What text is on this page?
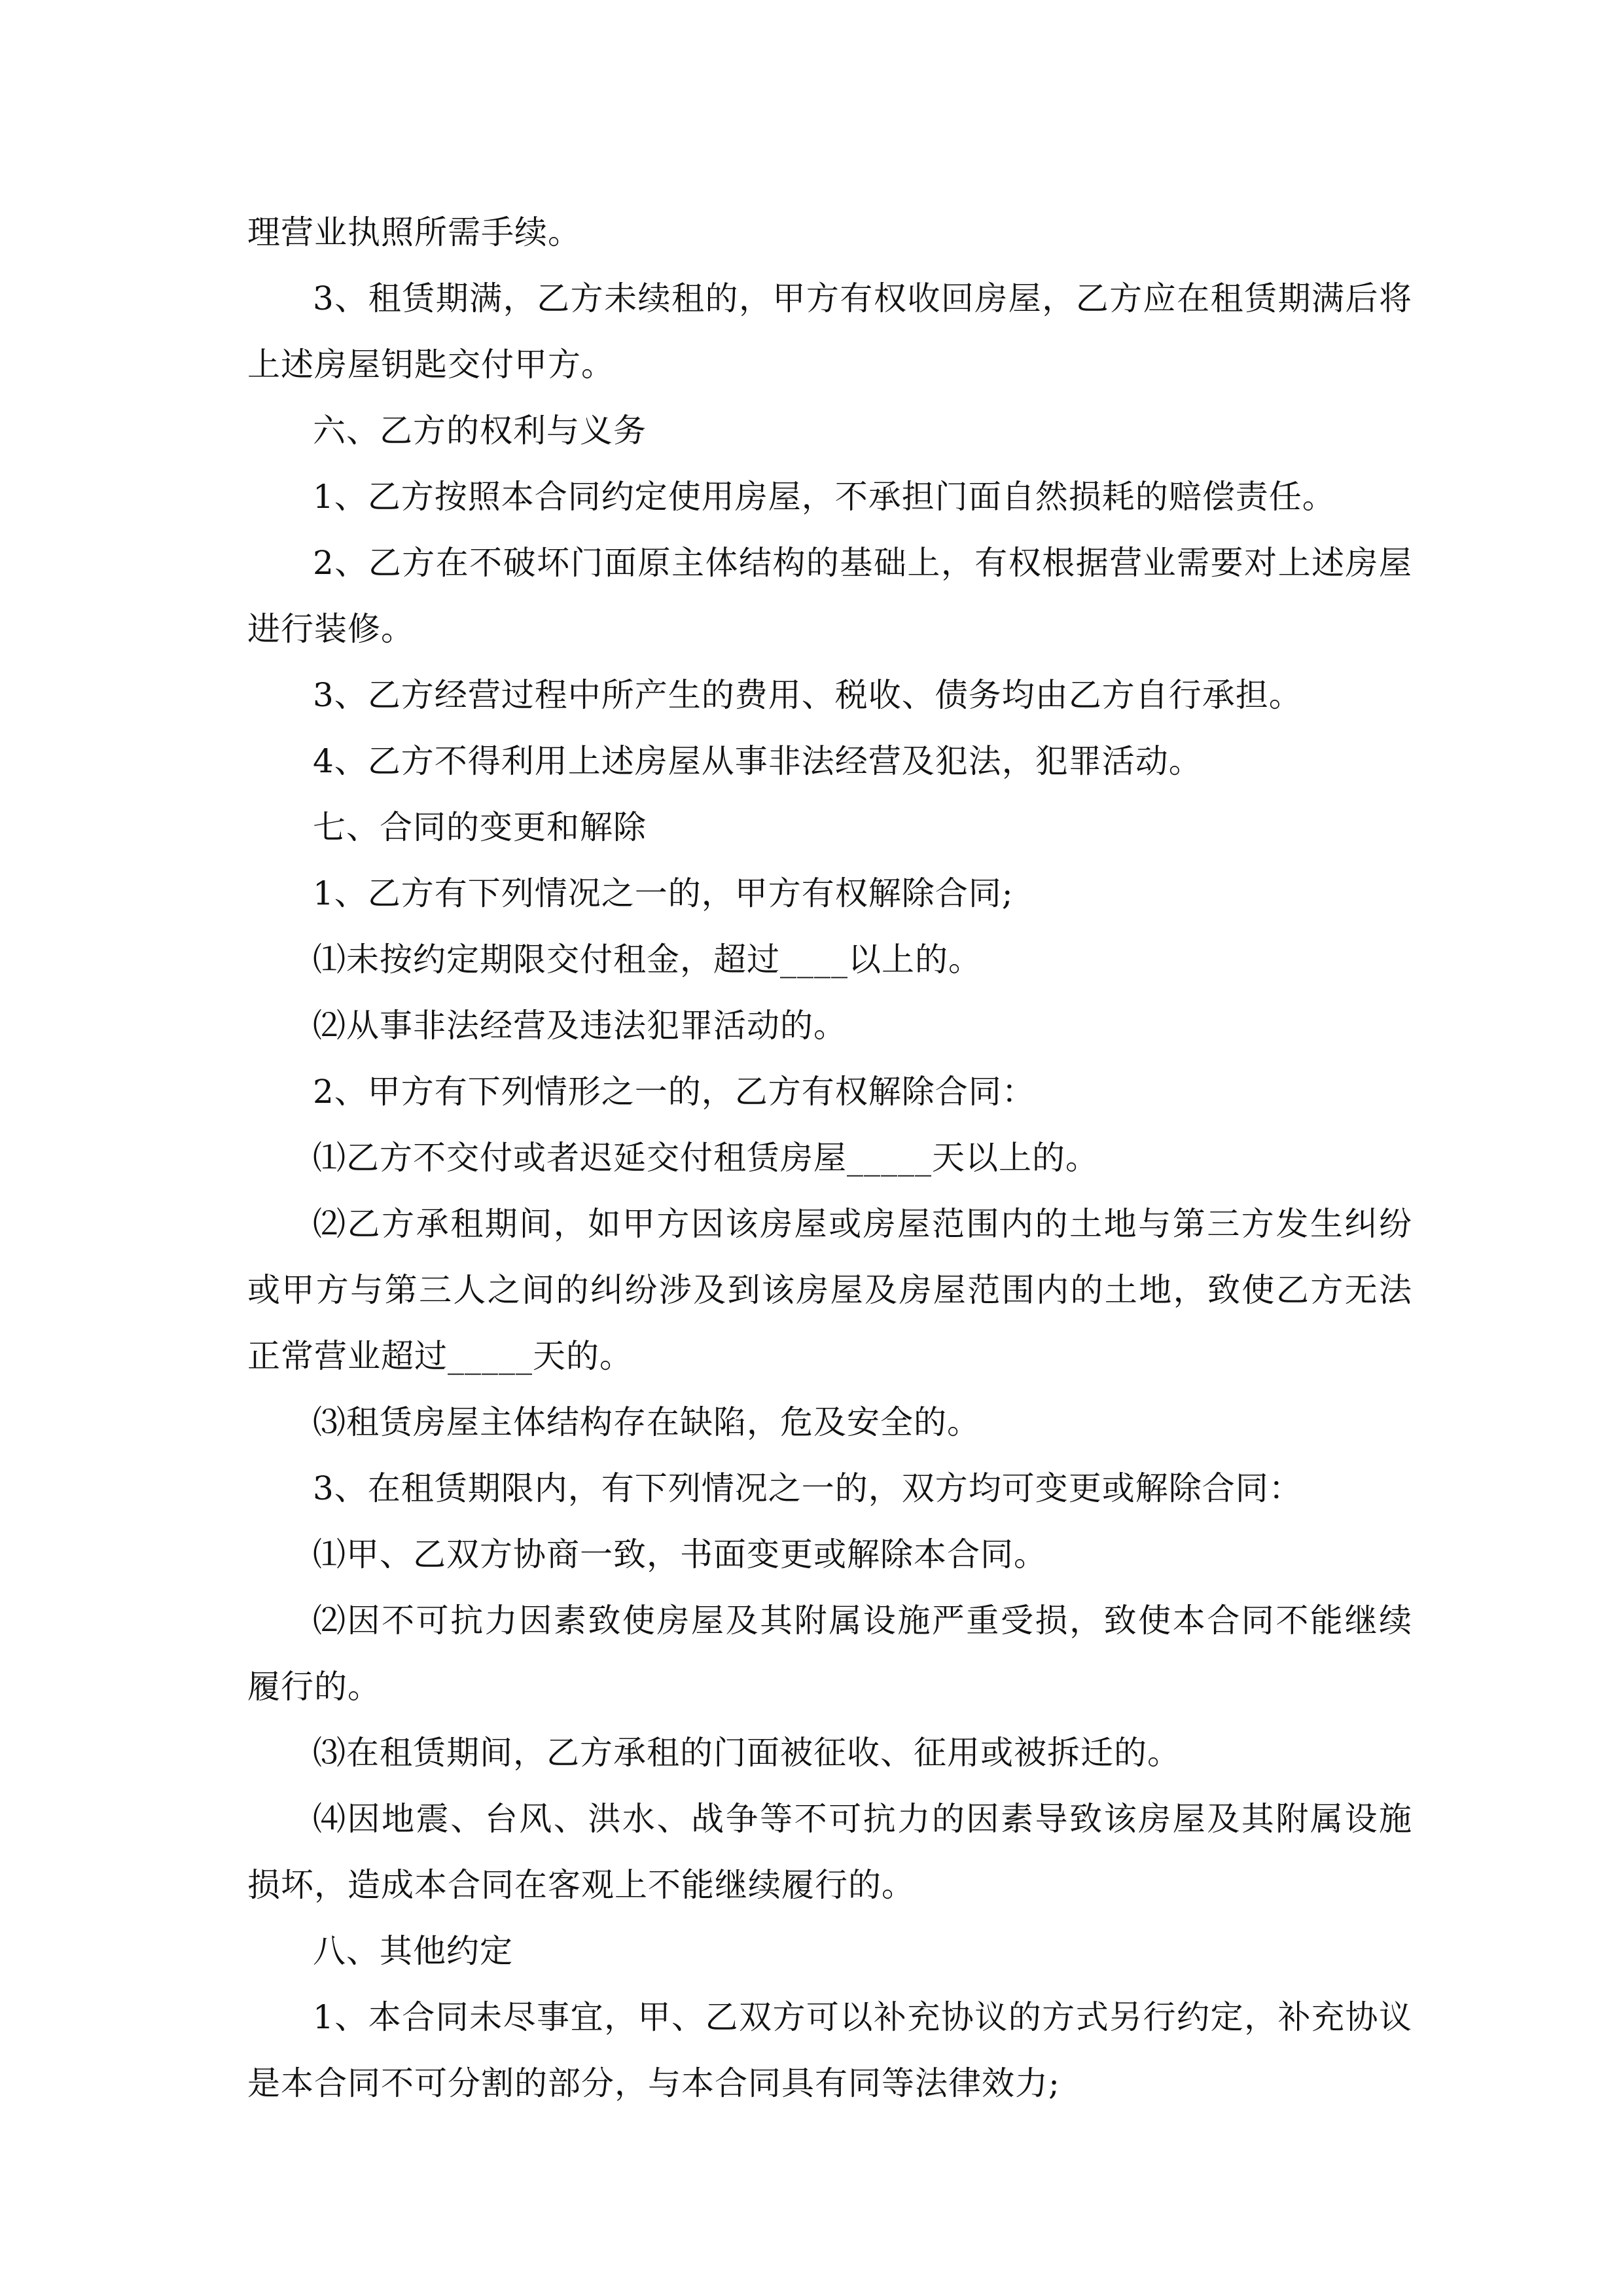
理营业执照所需手续。

3、租赁期满，乙方未续租的，甲方有权收回房屋，乙方应在租赁期满后将上述房屋钥匙交付甲方。

六、乙方的权利与义务

1、乙方按照本合同约定使用房屋，不承担门面自然损耗的赔偿责任。

2、乙方在不破坏门面原主体结构的基础上，有权根据营业需要对上述房屋进行装修。

3、乙方经营过程中所产生的费用、税收、债务均由乙方自行承担。

4、乙方不得利用上述房屋从事非法经营及犯法，犯罪活动。

七、合同的变更和解除

1、乙方有下列情况之一的，甲方有权解除合同;

⑴未按约定期限交付租金，超过____以上的。

⑵从事非法经营及违法犯罪活动的。

2、甲方有下列情形之一的，乙方有权解除合同：

⑴乙方不交付或者迟延交付租赁房屋_____天以上的。

⑵乙方承租期间，如甲方因该房屋或房屋范围内的土地与第三方发生纠纷或甲方与第三人之间的纠纷涉及到该房屋及房屋范围内的土地，致使乙方无法正常营业超过_____天的。

⑶租赁房屋主体结构存在缺陷，危及安全的。

3、在租赁期限内，有下列情况之一的，双方均可变更或解除合同：

⑴甲、乙双方协商一致，书面变更或解除本合同。

⑵因不可抗力因素致使房屋及其附属设施严重受损，致使本合同不能继续履行的。

⑶在租赁期间，乙方承租的门面被征收、征用或被拆迁的。

⑷因地震、台风、洪水、战争等不可抗力的因素导致该房屋及其附属设施损坏，造成本合同在客观上不能继续履行的。

八、其他约定

1、本合同未尽事宜，甲、乙双方可以补充协议的方式另行约定，补充协议是本合同不可分割的部分，与本合同具有同等法律效力;
